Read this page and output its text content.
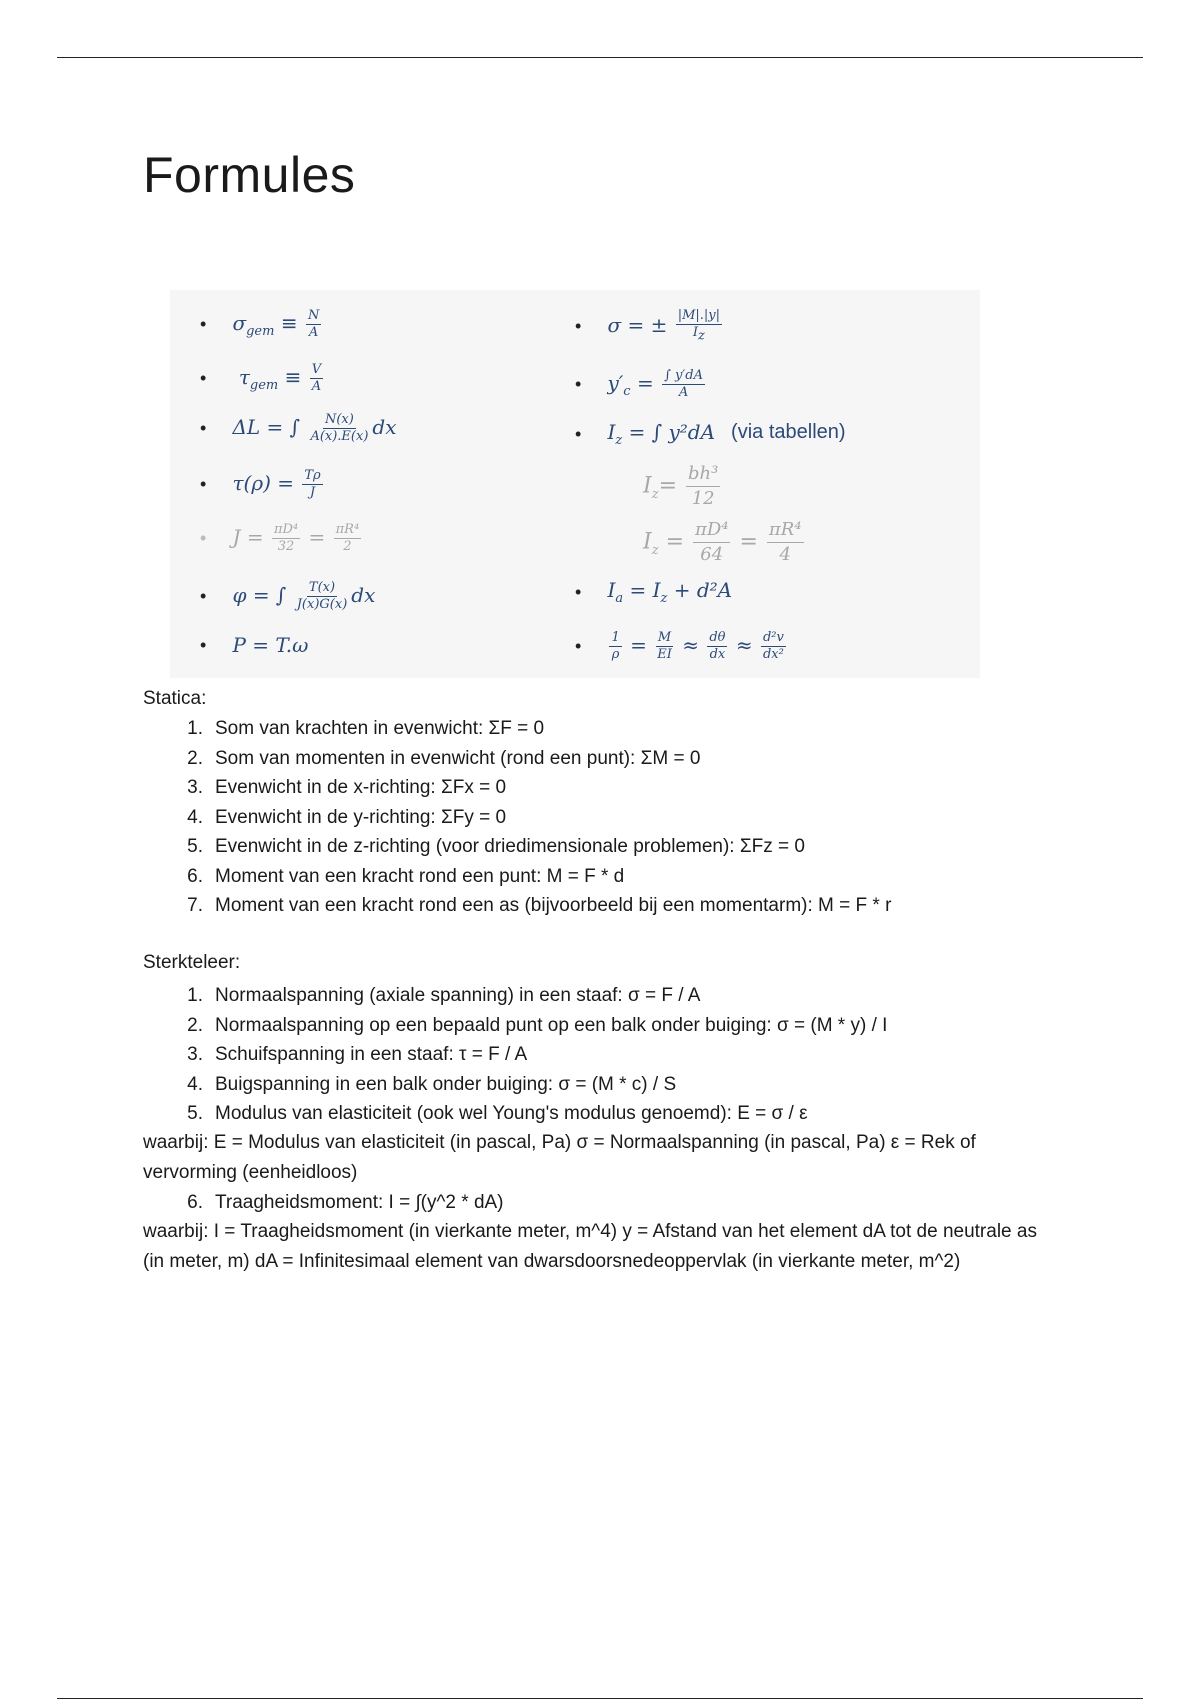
Formules
• $\sigma_{gem} \equiv \frac{N}{A}$
• $\tau_{gem} \equiv \frac{V}{A}$
• ΔL = ∫ $\frac{N(x)}{A(x).E(x)}$ dx
• $\tau(\rho) = \frac{T\rho}{J}$
• $J = \frac{\text{πD⁴}}{32} = \frac{\text{πR⁴}}{2}$
• φ = ∫ $\frac{T(x)}{J(x)G(x)}$ dx
• P = T.ω
• σ = ± $\frac{|M|.|y|}{I_z}$
• $y'_c = \frac{\int y'dA}{A}$
• $I_z$ = ∫ y²dA (via tabellen)
$I_z= \frac{\text{bh³}}{12}$
$I_z = \frac{\text{πD⁴}}{64} = \frac{\text{πR⁴}}{4}$
• $I_a = I_z + d^2A$
• $\frac{1}{\rho} = \frac{M}{EI} \approx \frac{d\theta}{dx} \approx \frac{\text{d²v}}{\text{dx²}}$
Statica:
1. Som van krachten in evenwicht: ΣF = 0
2. Som van momenten in evenwicht (rond een punt): ΣM = 0
3. Evenwicht in de x-richting: ΣFx = 0
4. Evenwicht in de y-richting: ΣFy = 0
5. Evenwicht in de z-richting (voor driedimensionale problemen): ΣFz = 0
6. Moment van een kracht rond een punt: M = F * d
7. Moment van een kracht rond een as (bijvoorbeeld bij een momentarm): M = F * r
Sterkteleer:
1. Normaalspanning (axiale spanning) in een staaf: σ = F / A
2. Normaalspanning op een bepaald punt op een balk onder buiging: σ = (M * y) / I
3. Schuifspanning in een staaf: τ = F / A
4. Buigspanning in een balk onder buiging: σ = (M * c) / S
5. Modulus van elasticiteit (ook wel Young's modulus genoemd): E = σ / ε
waarbij: E = Modulus van elasticiteit (in pascal, Pa) σ = Normaalspanning (in pascal, Pa) ε = Rek of vervorming (eenheidloos)
6. Traagheidsmoment: I = ∫(y^2 * dA)
waarbij: I = Traagheidsmoment (in vierkante meter, m^4) y = Afstand van het element dA tot de neutrale as (in meter, m) dA = Infinitesimaal element van dwarsdoorsnedeoppervlak (in vierkante meter, m^2)
